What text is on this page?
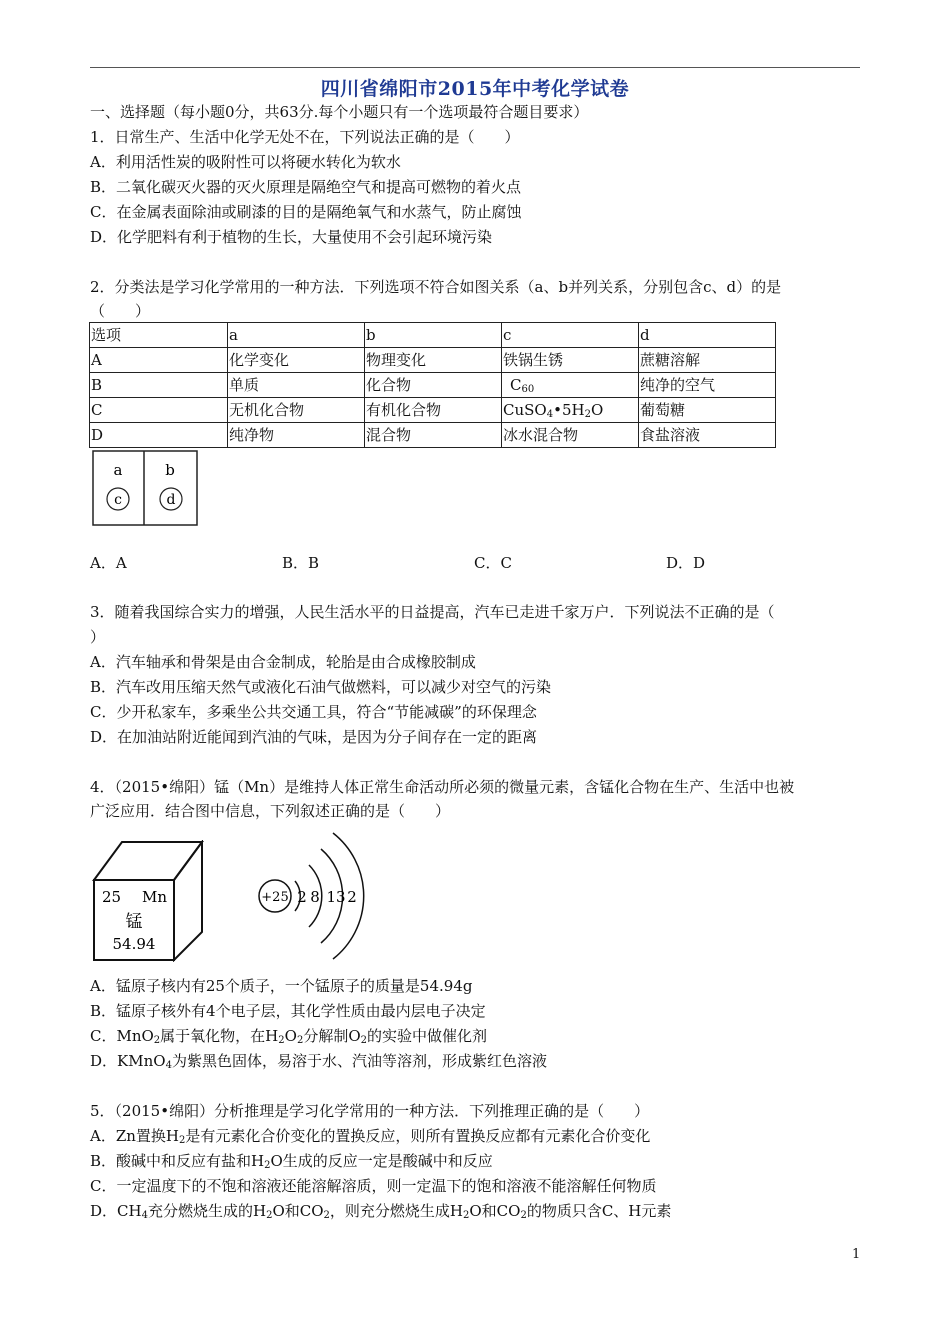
四川省绵阳市2015年中考化学试卷
一、选择题（每小题0分，共63分.每个小题只有一个选项最符合题目要求）
1．日常生产、生活中化学无处不在，下列说法正确的是（　　）
A．利用活性炭的吸附性可以将硬水转化为软水
B．二氧化碳灭火器的灭火原理是隔绝空气和提高可燃物的着火点
C．在金属表面除油或刷漆的目的是隔绝氧气和水蒸气，防止腐蚀
D．化学肥料有利于植物的生长，大量使用不会引起环境污染
2．分类法是学习化学常用的一种方法．下列选项不符合如图关系（a、b并列关系，分别包含c、d）的是
（　　）
选项	a	b	c	d
A	化学变化	物理变化	铁锅生锈	蔗糖溶解
B	单质	化合物	$C_{60}$	纯净的空气
C	无机化合物	有机化合物	$CuSO_4•5H_2O$	葡萄糖
D	纯净物	混合物	冰水混合物	食盐溶液
a	b
c	d
A．A	B．B	C．C	D．D
3．随着我国综合实力的增强，人民生活水平的日益提高，汽车已走进千家万户．下列说法不正确的是（
）
A．汽车轴承和骨架是由合金制成，轮胎是由合成橡胶制成
B．汽车改用压缩天然气或液化石油气做燃料，可以减少对空气的污染
C．少开私家车，多乘坐公共交通工具，符合“节能减碳”的环保理念
D．在加油站附近能闻到汽油的气味，是因为分子间存在一定的距离
4．（2015•绵阳）锰（Mn）是维持人体正常生命活动所必须的微量元素，含锰化合物在生产、生活中也被
广泛应用．结合图中信息，下列叙述正确的是（　　）
25 Mn
锰
54.94
+25 2 8 13 2
A．锰原子核内有25个质子，一个锰原子的质量是54.94g
B．锰原子核外有4个电子层，其化学性质由最内层电子决定
C．MnO$_2$属于氧化物，在$H_2O_2$分解制$O_2$的实验中做催化剂
D．KMnO$_4$为紫黑色固体，易溶于水、汽油等溶剂，形成紫红色溶液
5．（2015•绵阳）分析推理是学习化学常用的一种方法．下列推理正确的是（　　）
A．Zn置换$H_2$是有元素化合价变化的置换反应，则所有置换反应都有元素化合价变化
B．酸碱中和反应有盐和$H_2O$生成的反应一定是酸碱中和反应
C．一定温度下的不饱和溶液还能溶解溶质，则一定温下的饱和溶液不能溶解任何物质
D．$CH_4$充分燃烧生成的$H_2O$和$CO_2$，则充分燃烧生成$H_2O$和$CO_2$的物质只含C、H元素
1
